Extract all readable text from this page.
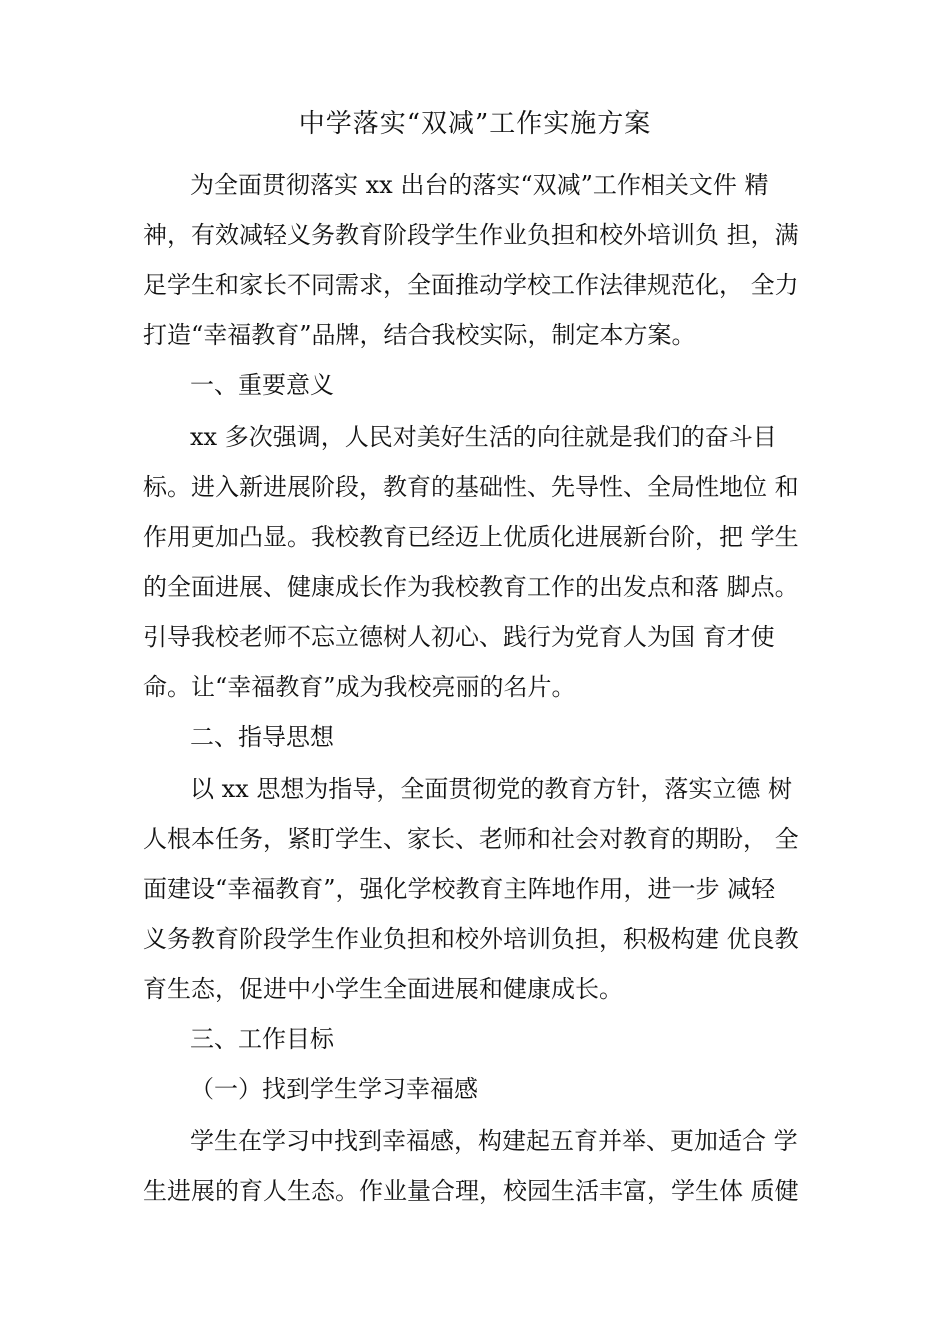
中学落实“双减”工作实施方案
为全面贯彻落实 xx 出台的落实“双减”工作相关文件 精
神，有效减轻义务教育阶段学生作业负担和校外培训负 担，满
足学生和家长不同需求，全面推动学校工作法律规范化， 全力
打造“幸福教育”品牌，结合我校实际，制定本方案。
一、重要意义
xx 多次强调，人民对美好生活的向往就是我们的奋斗目
标。进入新进展阶段，教育的基础性、先导性、全局性地位 和
作用更加凸显。我校教育已经迈上优质化进展新台阶，把 学生
的全面进展、健康成长作为我校教育工作的出发点和落 脚点。
引导我校老师不忘立德树人初心、践行为党育人为国 育才使
命。让“幸福教育”成为我校亮丽的名片。
二、指导思想
以 xx 思想为指导，全面贯彻党的教育方针，落实立德 树
人根本任务，紧盯学生、家长、老师和社会对教育的期盼， 全
面建设“幸福教育”，强化学校教育主阵地作用，进一步 减轻
义务教育阶段学生作业负担和校外培训负担，积极构建 优良教
育生态，促进中小学生全面进展和健康成长。
三、工作目标
（一）找到学生学习幸福感
学生在学习中找到幸福感，构建起五育并举、更加适合 学
生进展的育人生态。作业量合理，校园生活丰富，学生体 质健
